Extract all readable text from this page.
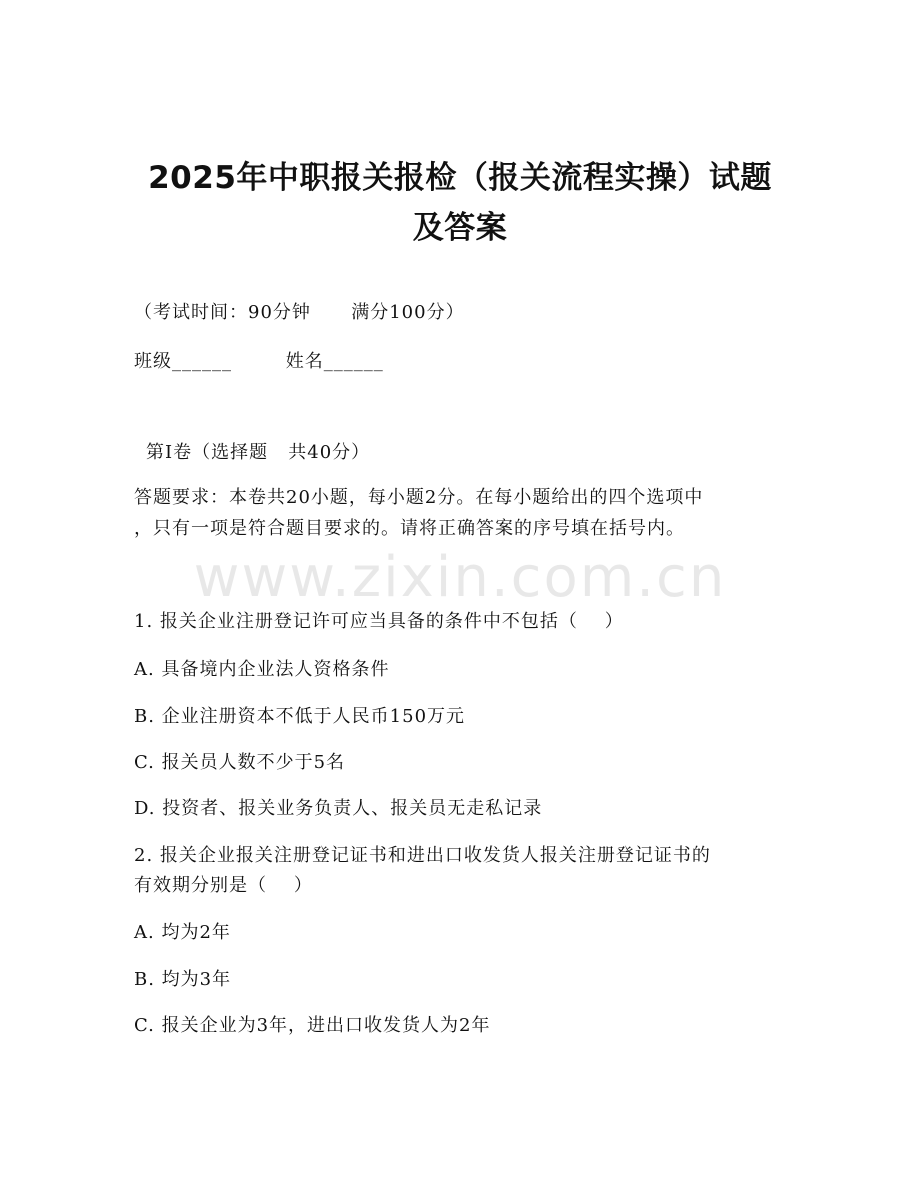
2025年中职报关报检（报关流程实操）试题
及答案
（考试时间：90分钟      满分100分）
班级______        姓名______
第Ⅰ卷（选择题   共40分）
答题要求：本卷共20小题，每小题2分。在每小题给出的四个选项中
，只有一项是符合题目要求的。请将正确答案的序号填在括号内。
www.zixin.com.cn
1. 报关企业注册登记许可应当具备的条件中不包括（    ）
A. 具备境内企业法人资格条件
B. 企业注册资本不低于人民币150万元
C. 报关员人数不少于5名
D. 投资者、报关业务负责人、报关员无走私记录
2. 报关企业报关注册登记证书和进出口收发货人报关注册登记证书的
有效期分别是（    ）
A. 均为2年
B. 均为3年
C. 报关企业为3年，进出口收发货人为2年
